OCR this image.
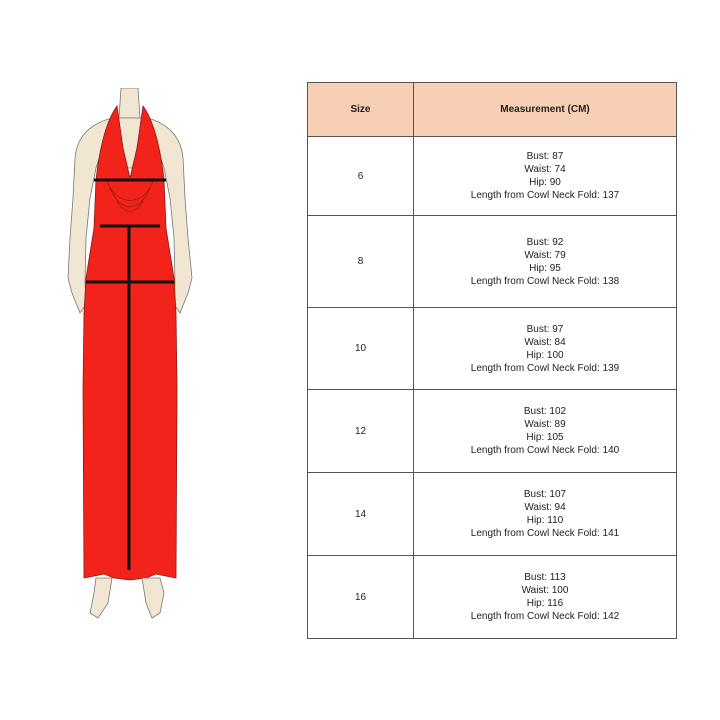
Size	Measurement (CM)
6	Bust: 87
Waist: 74
Hip: 90
Length from Cowl Neck Fold: 137

8	Bust: 92
Waist: 79
Hip: 95
Length from Cowl Neck Fold: 138

10	Bust: 97
Waist: 84
Hip: 100
Length from Cowl Neck Fold: 139

12	Bust: 102
Waist: 89
Hip: 105
Length from Cowl Neck Fold: 140

14	Bust: 107
Waist: 94
Hip: 110
Length from Cowl Neck Fold: 141

16	Bust: 113
Waist: 100
Hip: 116
Length from Cowl Neck Fold: 142
